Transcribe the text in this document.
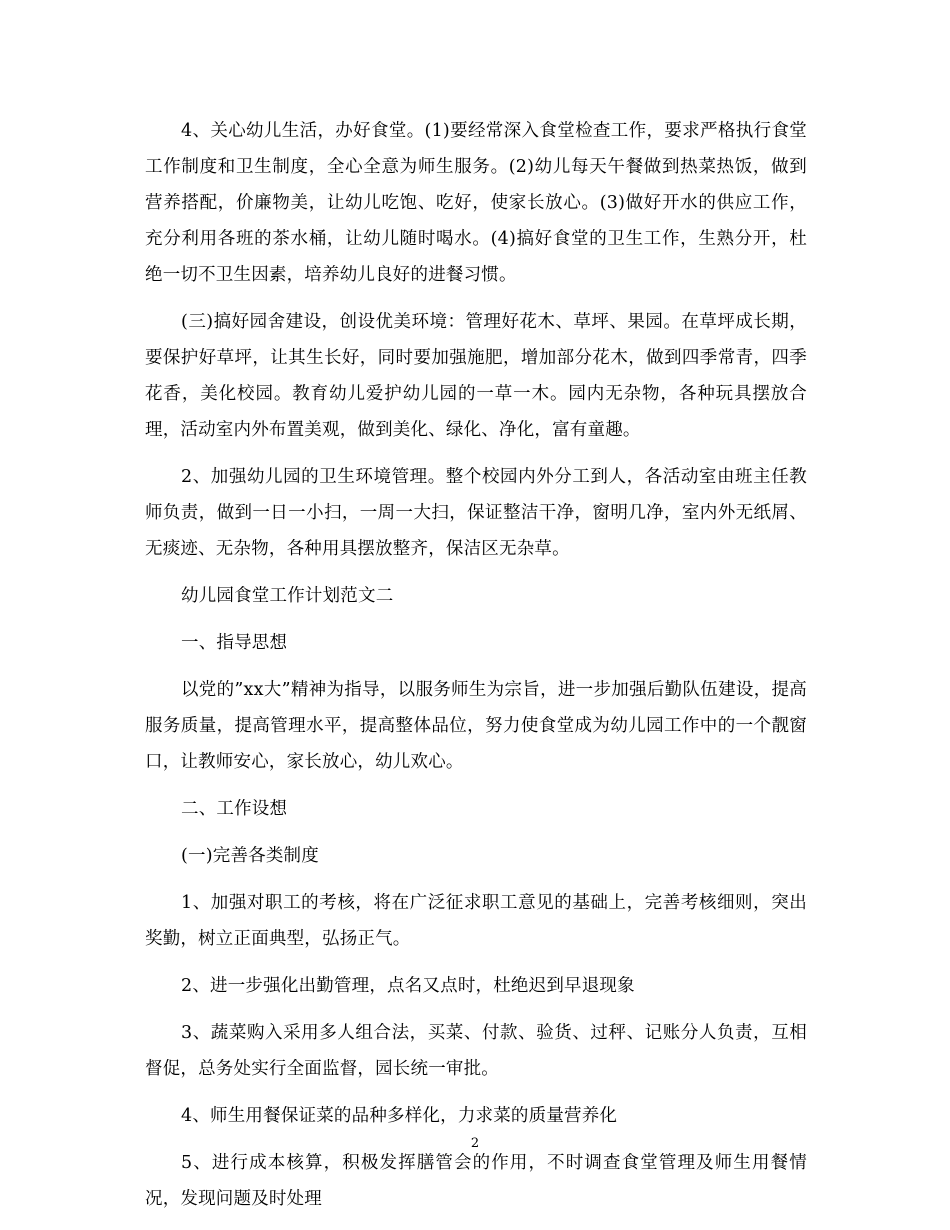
4、关心幼儿生活，办好食堂。(1)要经常深入食堂检查工作，要求严格执行食堂工作制度和卫生制度，全心全意为师生服务。(2)幼儿每天午餐做到热菜热饭，做到营养搭配，价廉物美，让幼儿吃饱、吃好，使家长放心。(3)做好开水的供应工作，充分利用各班的茶水桶，让幼儿随时喝水。(4)搞好食堂的卫生工作，生熟分开，杜绝一切不卫生因素，培养幼儿良好的进餐习惯。

(三)搞好园舍建设，创设优美环境：管理好花木、草坪、果园。在草坪成长期，要保护好草坪，让其生长好，同时要加强施肥，增加部分花木，做到四季常青，四季花香，美化校园。教育幼儿爱护幼儿园的一草一木。园内无杂物，各种玩具摆放合理，活动室内外布置美观，做到美化、绿化、净化，富有童趣。

2、加强幼儿园的卫生环境管理。整个校园内外分工到人，各活动室由班主任教师负责，做到一日一小扫，一周一大扫，保证整洁干净，窗明几净，室内外无纸屑、无痰迹、无杂物，各种用具摆放整齐，保洁区无杂草。

幼儿园食堂工作计划范文二

一、指导思想

以党的”xx大”精神为指导，以服务师生为宗旨，进一步加强后勤队伍建设，提高服务质量，提高管理水平，提高整体品位，努力使食堂成为幼儿园工作中的一个靓窗口，让教师安心，家长放心，幼儿欢心。

二、工作设想

(一)完善各类制度

1、加强对职工的考核，将在广泛征求职工意见的基础上，完善考核细则，突出奖勤，树立正面典型，弘扬正气。

2、进一步强化出勤管理，点名又点时，杜绝迟到早退现象

3、蔬菜购入采用多人组合法，买菜、付款、验货、过秤、记账分人负责，互相督促，总务处实行全面监督，园长统一审批。

4、师生用餐保证菜的品种多样化，力求菜的质量营养化

5、进行成本核算，积极发挥膳管会的作用，不时调查食堂管理及师生用餐情况，发现问题及时处理

2
